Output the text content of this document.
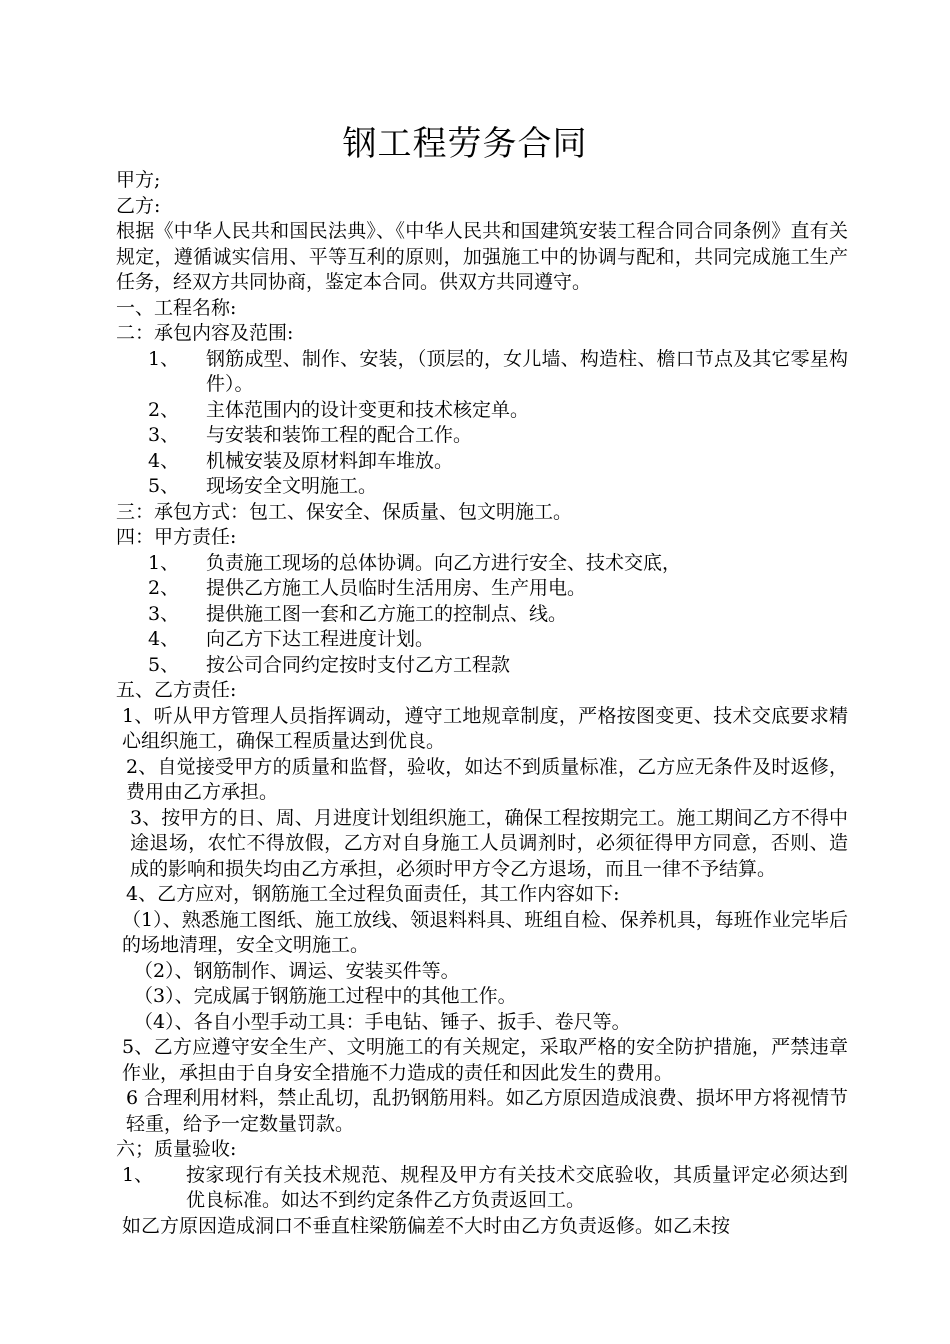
钢工程劳务合同
甲方;
乙方:
根据《中华人民共和国民法典》、《中华人民共和国建筑安装工程合同合同条例》直有关规定，遵循诚实信用、平等互利的原则，加强施工中的协调与配和，共同完成施工生产任务，经双方共同协商，鉴定本合同。供双方共同遵守。
一、工程名称:
二：承包内容及范围:
1、	钢筋成型、制作、安装，（顶层的，女儿墙、构造柱、檐口节点及其它零星构件）。
2、	主体范围内的设计变更和技术核定单。
3、	与安装和装饰工程的配合工作。
4、	机械安装及原材料卸车堆放。
5、	现场安全文明施工。
三：承包方式：包工、保安全、保质量、包文明施工。
四：甲方责任:
1、	负责施工现场的总体协调。向乙方进行安全、技术交底，
2、	提供乙方施工人员临时生活用房、生产用电。
3、	提供施工图一套和乙方施工的控制点、线。
4、	向乙方下达工程进度计划。
5、	按公司合同约定按时支付乙方工程款
五、乙方责任:
1、听从甲方管理人员指挥调动，遵守工地规章制度，严格按图变更、技术交底要求精心组织施工，确保工程质量达到优良。
2、自觉接受甲方的质量和监督，验收，如达不到质量标准，乙方应无条件及时返修，费用由乙方承担。
3、按甲方的日、周、月进度计划组织施工，确保工程按期完工。施工期间乙方不得中途退场，农忙不得放假，乙方对自身施工人员调剂时，必须征得甲方同意，否则、造成的影响和损失均由乙方承担，必须时甲方令乙方退场，而且一律不予结算。
4、乙方应对，钢筋施工全过程负面责任，其工作内容如下:
（1）、熟悉施工图纸、施工放线、领退料料具、班组自检、保养机具，每班作业完毕后的场地清理，安全文明施工。
（2）、钢筋制作、调运、安装买件等。
（3）、完成属于钢筋施工过程中的其他工作。
（4）、各自小型手动工具：手电钻、锤子、扳手、卷尺等。
5、乙方应遵守安全生产、文明施工的有关规定，采取严格的安全防护措施，严禁违章作业，承担由于自身安全措施不力造成的责任和因此发生的费用。
6 合理利用材料，禁止乱切，乱扔钢筋用料。如乙方原因造成浪费、损坏甲方将视情节轻重，给予一定数量罚款。
六；质量验收:
1、	按家现行有关技术规范、规程及甲方有关技术交底验收，其质量评定必须达到优良标准。如达不到约定条件乙方负责返回工。
如乙方原因造成洞口不垂直柱梁筋偏差不大时由乙方负责返修。如乙未按
